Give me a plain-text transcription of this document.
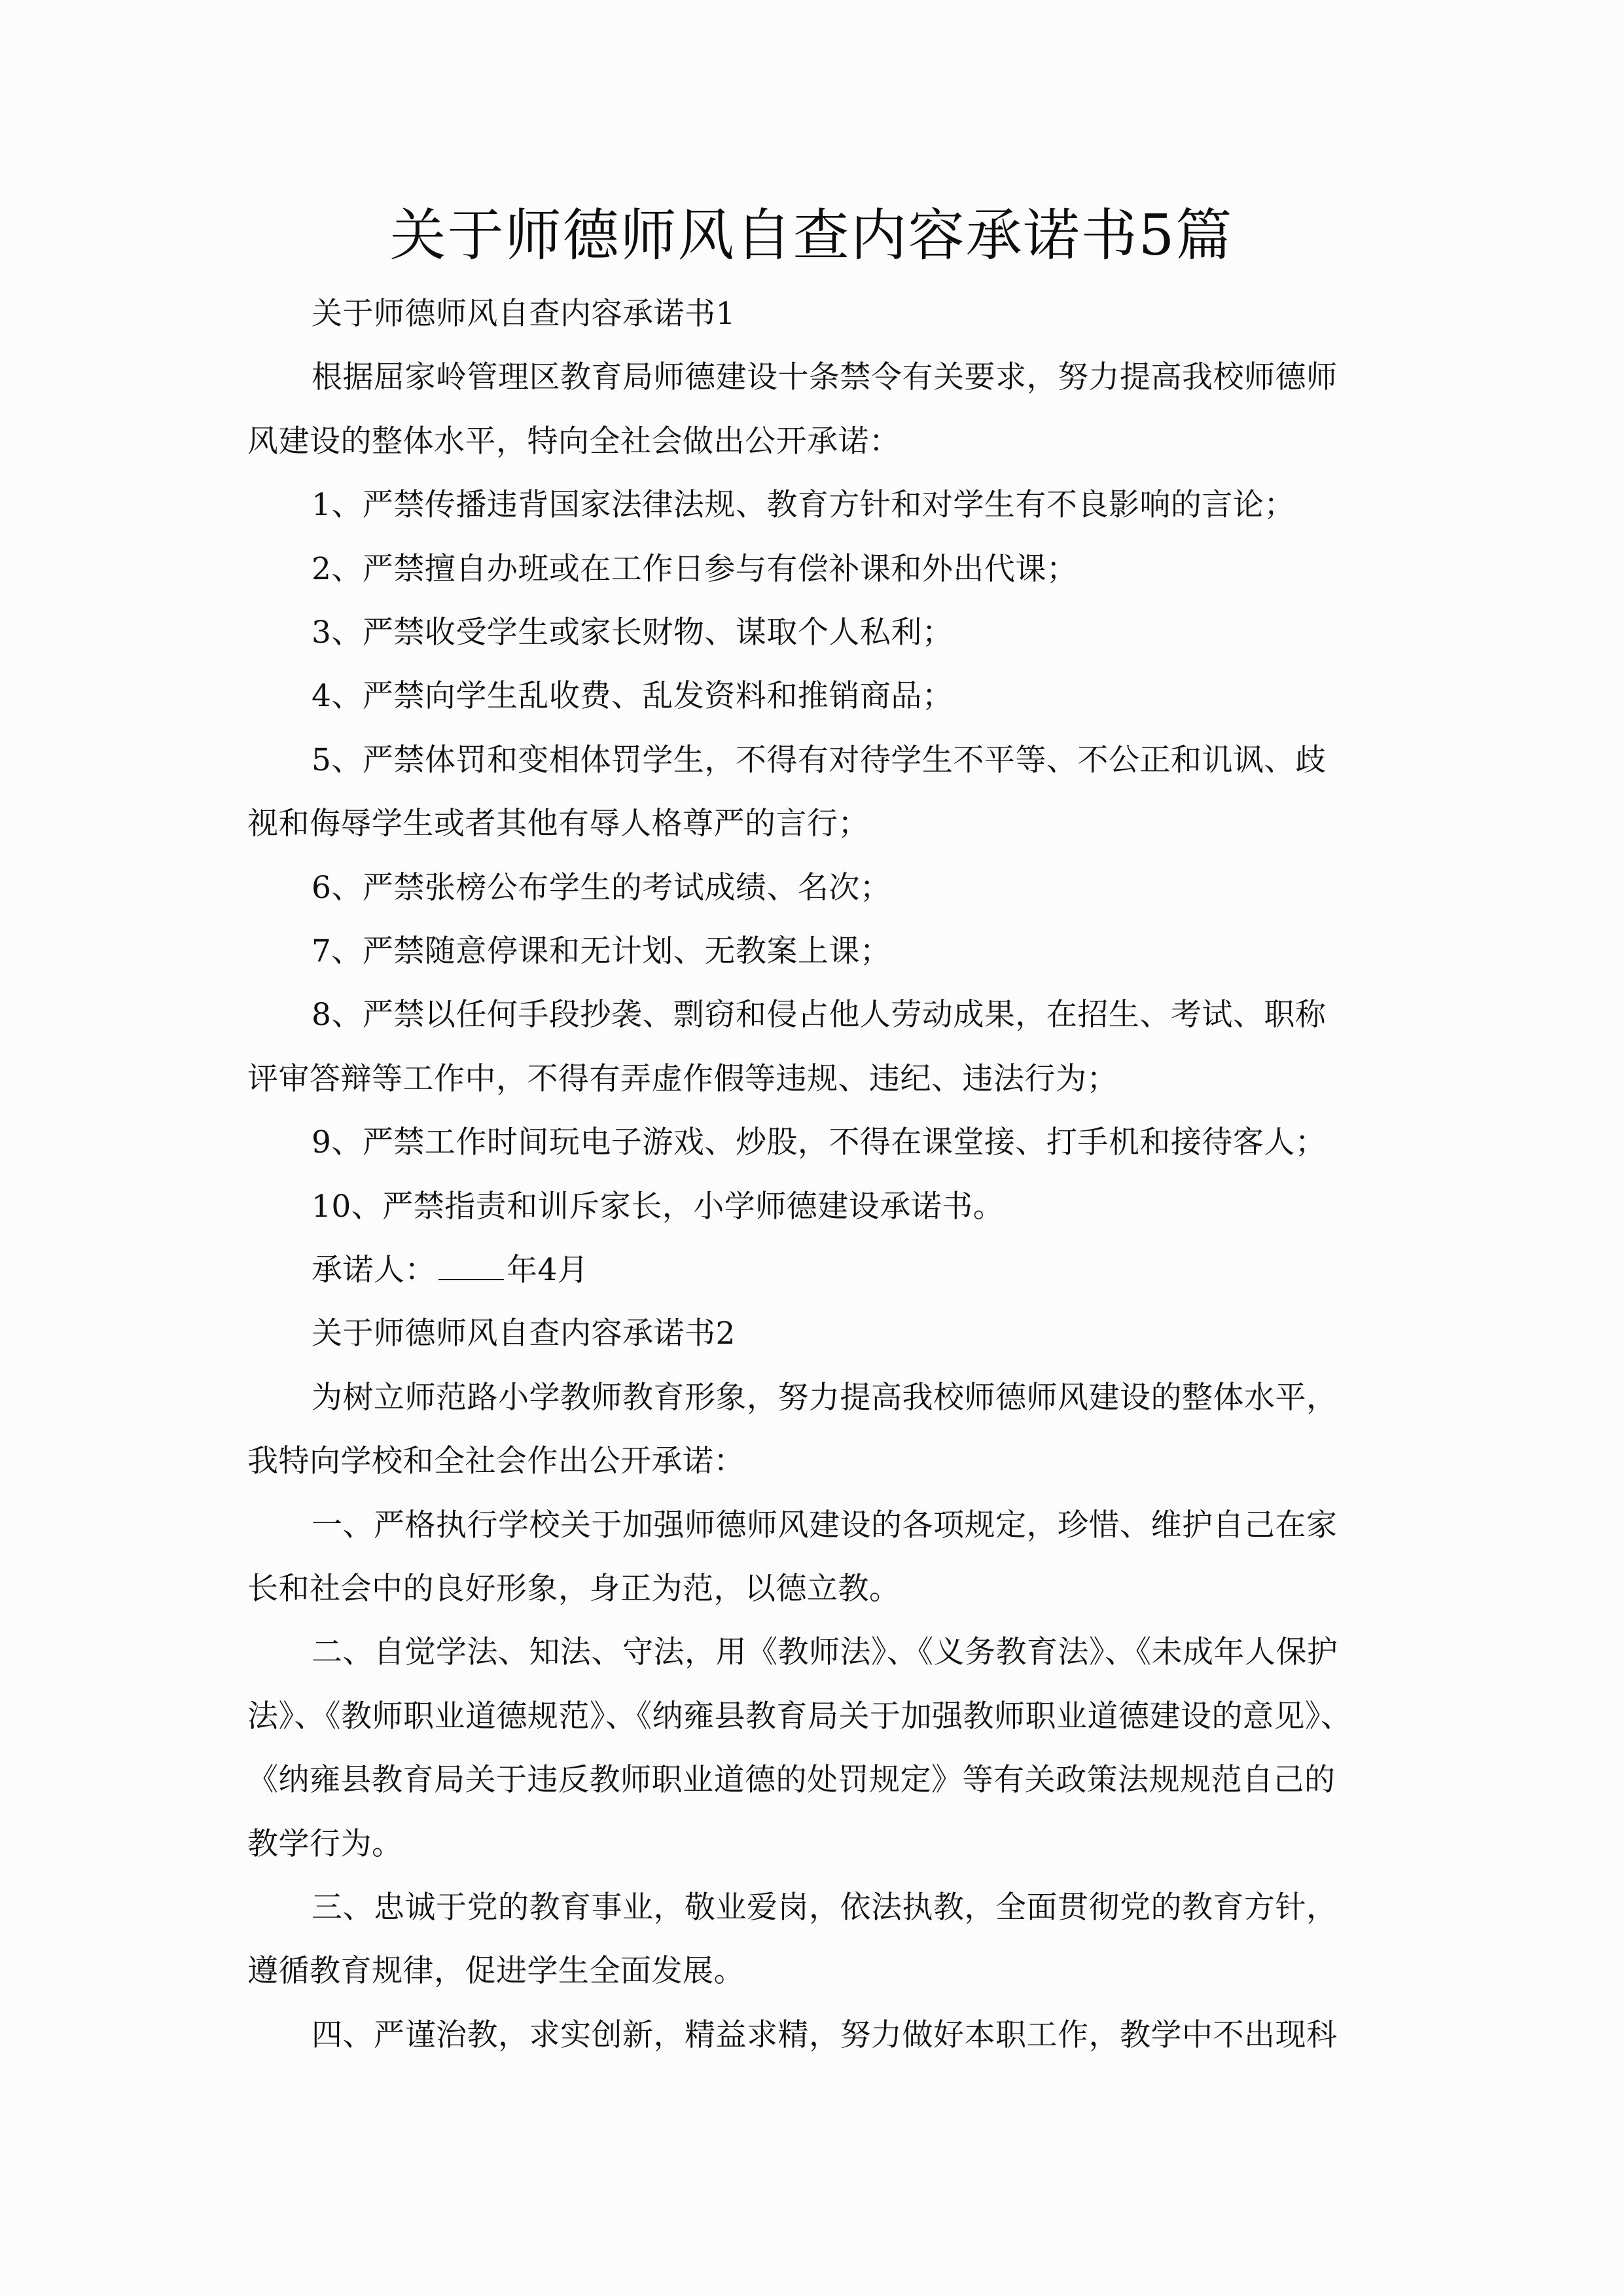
关于师德师风自查内容承诺书5篇
关于师德师风自查内容承诺书1
根据屈家岭管理区教育局师德建设十条禁令有关要求，努力提高我校师德师
风建设的整体水平，特向全社会做出公开承诺：
1、严禁传播违背国家法律法规、教育方针和对学生有不良影响的言论；
2、严禁擅自办班或在工作日参与有偿补课和外出代课；
3、严禁收受学生或家长财物、谋取个人私利；
4、严禁向学生乱收费、乱发资料和推销商品；
5、严禁体罚和变相体罚学生，不得有对待学生不平等、不公正和讥讽、歧
视和侮辱学生或者其他有辱人格尊严的言行；
6、严禁张榜公布学生的考试成绩、名次；
7、严禁随意停课和无计划、无教案上课；
8、严禁以任何手段抄袭、剽窃和侵占他人劳动成果，在招生、考试、职称
评审答辩等工作中，不得有弄虚作假等违规、违纪、违法行为；
9、严禁工作时间玩电子游戏、炒股，不得在课堂接、打手机和接待客人；
10、严禁指责和训斥家长，小学师德建设承诺书。
承诺人： 年4月
关于师德师风自查内容承诺书2
为树立师范路小学教师教育形象，努力提高我校师德师风建设的整体水平，
我特向学校和全社会作出公开承诺：
一、严格执行学校关于加强师德师风建设的各项规定，珍惜、维护自己在家
长和社会中的良好形象，身正为范，以德立教。
二、自觉学法、知法、守法，用《教师法》、《义务教育法》、《未成年人保护
法》、《教师职业道德规范》、《纳雍县教育局关于加强教师职业道德建设的意见》、
《纳雍县教育局关于违反教师职业道德的处罚规定》等有关政策法规规范自己的
教学行为。
三、忠诚于党的教育事业，敬业爱岗，依法执教，全面贯彻党的教育方针，
遵循教育规律，促进学生全面发展。
四、严谨治教，求实创新，精益求精，努力做好本职工作，教学中不出现科
